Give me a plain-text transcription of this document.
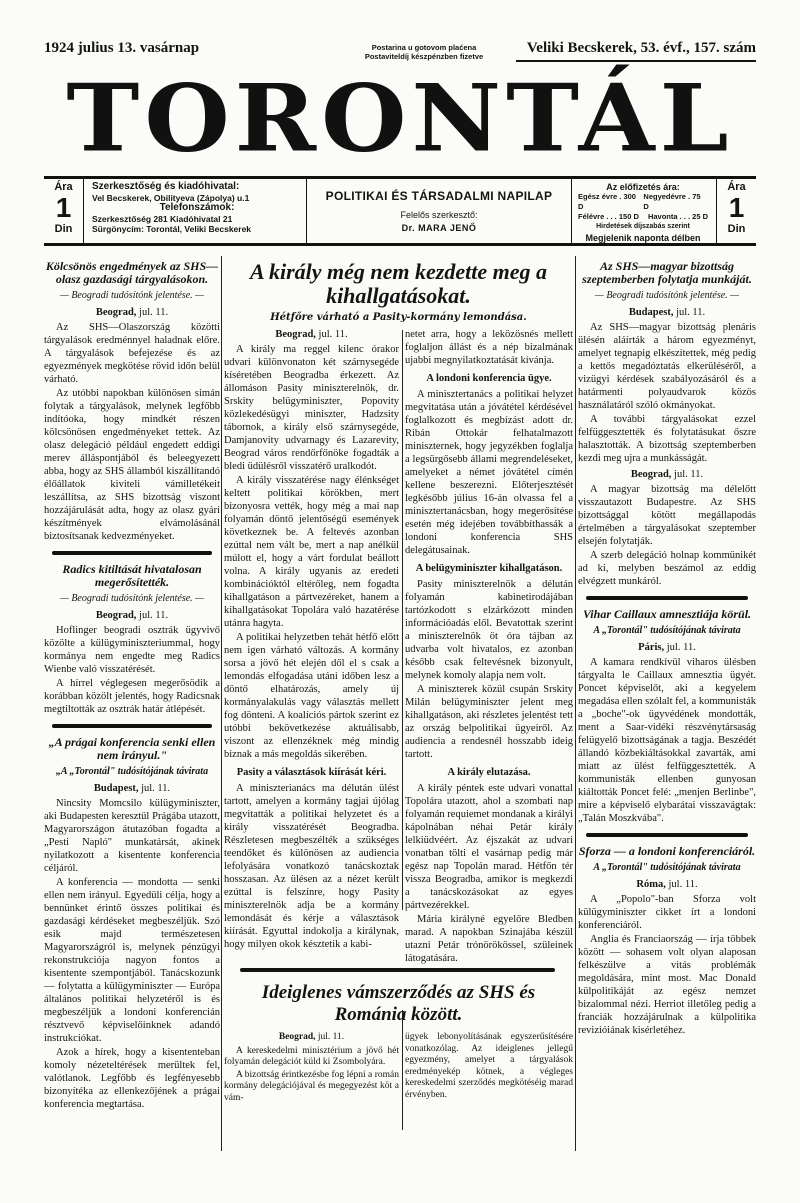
1924 julius 13. vasárnap	Postarina u gotovom plaćena
Postaviteldíj készpénzben fizetve
Veliki Becskerek, 53. évf., 157. szám
TORONTÁL
Ára
1
Din
Szerkesztőség és kiadóhivatal:
Vel Becskerek, Obilityeva (Zápolya) u.1
Telefonszámok:
Szerkesztőség 281 Kiadóhivatal 21
Sürgönycím: Torontál, Veliki Becskerek
POLITIKAI ÉS TÁRSADALMI NAPILAP
Felelős szerkesztő:
Dr. MARA JENŐ
Az előfizetés ára:
Egész évre . 300 D
Negyedévre . 75 D
Félévre . . . 150 D Havonta . . . 25 D
Hirdetések díjszabás szerint
Megjelenik naponta délben
Ára
1
Din
Kölcsönös engedmények az SHS—olasz gazdasági tárgyalásokon.
— Beogradi tudósítónk jelentése. —
Beograd, jul. 11.
Az SHS—Olaszország közötti tárgyalások eredménnyel haladnak előre. A tárgyalások befejezése és az egyezmények megkötése rövid időn belül várható.
Az utóbbi napokban különösen simán folytak a tárgyalások, melynek legfőbb indítóoka, hogy mindkét részen kölcsönösen engedményeket tettek. Az olasz delegáció például engedett eddigi merev álláspontjából és beleegyezett abba, hogy az SHS államból kiszállítandó élőállatok kiviteli vámilletékeit leszállítsa, az SHS bizottság viszont hozzájárulását adta, hogy az olasz gyári készítmények elvámolásánál biztosítsanak kedvezményeket.
Radics kitiltását hivatalosan megerősítették.
— Beogradi tudósítónk jelentése. —
Beograd, jul. 11.
Hoflinger beogradi osztrák ügyvivő közölte a külügyminiszteriummal, hogy kormánya nem engedte meg Radics Wienbe való visszatérését.
A hírrel véglegesen megerősödik a korábban közölt jelentés, hogy Radicsnak megtiltották az osztrák határ átlépését.
„A prágai konferencia senki ellen nem irányul."
„A „Torontál" tudósítójának távirata
Budapest, jul. 11.
Nincsity Momcsilo külügyminiszter, aki Budapesten keresztül Prágába utazott, Magyarországon átutazóban fogadta a „Pesti Napló" munkatársát, akinek nyilatkozott a kisentente konferencia céljáról.
A konferencia — mondotta — senki ellen nem irányul. Egyedüli célja, hogy a bennünket érintő összes politikai és gazdasági kérdéseket megbeszéljük. Szó esik majd természetesen Magyarországról is, melynek pénzügyi rekonstrukciója nagyon fontos a kisentente szempontjából. Tanácskozunk — folytatta a külügyminiszter — Európa általános politikai helyzetéről is és megbeszéljük a londoni konferencián résztvevő képviselőinknek adandó instrukciókat.
Azok a hírek, hogy a kisententeban komoly nézeteltérések merültek fel, valótlanok. Legfőbb és legfényesebb bizonyítéka az ellenkezőjének a prágai konferencia megtartása.
A király még nem kezdette meg a kihallgatásokat.
Hétfőre várható a Pasity-kormány lemondása.
Beograd, jul. 11.
A király ma reggel kilenc órakor udvari különvonaton két szárnysegéde kíséretében Beogradba érkezett. Az állomáson Pasity miniszterelnök, dr. Srskity belügyminiszter, Popovity közlekedésügyi miniszter, Hadzsity tábornok, a király első szárnysegéde, Damjanovity udvarnagy és Lazarevity, Beograd város rendőrfőnöke fogadták a bledi üdülésről visszatérő uralkodót.
A király visszatérése nagy élénkséget keltett politikai körökben, mert bizonyosra vették, hogy még a mai nap folyamán döntő jelentőségű események következnek be. A feltevés azonban ezúttal nem vált be, mert a nap anélkül múlott el, hogy a várt fordulat beállott volna. A király ugyanis az eredeti kombinációktól eltérőleg, nem fogadta kihallgatáson a pártvezéreket, hanem a kihallgatásokat Topolára való hazatérése utánra hagyta.
A politikai helyzetben tehát hétfő előtt nem igen várható változás. A kormány sorsa a jövő hét elején dől el s csak a lemondás elfogadása utáni időben lesz a döntő elhatározás, amely új kormányalakulás vagy választás mellett fog dönteni. A koalíciós pártok szerint ez utóbbi bekövetkezése aktuálisabb, viszont az ellenzéknek még mindig biznak a más megoldás sikerében.
Pasity a választások kiírását kéri.
A miniszterianács ma délután ülést tartott, amelyen a kormány tagjai újólag megvitatták a politikai helyzetet és a király visszatérését Beogradba. Részletesen megbeszélték a szükséges teendőket és különösen az audiencia lefolyására vonatkozó tanácskoztak hosszasan. Az ülésen az a nézet került ezúttal is felszínre, hogy Pasity miniszterelnök adja be a kormány lemondását és kérje a választások kiírását. Egyuttal indokolja a királynak, hogy milyen okok késztetik a kabi-
netet arra, hogy a leközösnés mellett foglaljon állást és a nép bizalmának ujabbi megnyilatkoztatását kívánja.
A londoni konferencia ügye.
A minisztertanács a politikai helyzet megvitatása után a jóvátétel kérdésével foglalkozott és megbízást adott dr. Ribán Ottokár felhatalmazott miniszternek, hogy jegyzékben foglalja a legsürgősebb állami megrendeléseket, amelyeket a német jóvátétel címén kellene beszerezni. Előterjesztését legkésőbb július 16-án olvassa fel a minisztertanácsban, hogy megerősítése esetén még idejében továbbíthassák a londoni konferencia SHS delegátusainak.
A belügyminiszter kihallgatáson.
Pasity miniszterelnök a délután folyamán kabinetirodájában tartózkodott s elzárkózott minden információadás elől. Bevatottak szerint a miniszterelnök öt óra tájban az udvarba volt hivatalos, ez azonban később csak feltevésnek bizonyult, melynek komoly alapja nem volt.
A miniszterek közül csupán Srskity Milán belügyminiszter jelent meg kihallgatáson, aki részletes jelentést tett az ország belpolitikai ügyeiről. Az audiencia a rendesnél hosszabb ideig tartott.
A király elutazása.
A király péntek este udvari vonattal Topolára utazott, ahol a szombati nap folyamán requiemet mondanak a királyi kápolnában néhai Petár király lelkiüdvéért. Az éjszakát az udvari vonatban tölti el vasárnap pedig már egész nap Topolán marad. Hétfőn tér vissza Beogradba, amikor is megkezdi a tanácskozásokat az egyes pártvezérekkel.
Mária királyné egyelőre Bledben marad. A napokban Szinajába készül utazni Petár trónörökössel, szüleinek látogatására.
Ideiglenes vámszerződés az SHS és Románia között.
Beograd, jul. 11.
A kereskedelmi minisztérium a jövő hét folyamán delegációt küld ki Zsombolyára.
A bizottság érintkezésbe fog lépni a román kormány delegációjával és megegyezést köt a vám-
ügyek lebonyolításának egyszerűsítésére vonatkozólag. Az ideiglenes jellegű egyezmény, amelyet a tárgyalások eredményekép kötnek, a végleges kereskedelmi szerződés megkötéséig marad érvényben.
Az SHS—magyar bizottság szeptemberben folytatja munkáját.
— Beogradi tudósítónk jelentése. —
Budapest, jul. 11.
Az SHS—magyar bizottság plenáris ülésén aláírták a három egyezményt, amelyet tegnapig elkészítettek, még pedig a kettős megadóztatás elkerüléséről, a vizügyi kérdések szabályozásáról és a határmenti polyaudvarok közös használatáról szóló okmányokat.
A további tárgyalásokat ezzel felfüggesztették és folytatásukat őszre halasztották. A bizottság szeptemberben kezdi meg ujra a munkásságát.
Beograd, jul. 11.
A magyar bizottság ma délelőtt visszautazott Budapestre. Az SHS bizottsággal kötött megállapodás értelmében a tárgyalásokat szeptember elsején folytatják.
A szerb delegáció holnap kommünikét ad ki, melyben beszámol az eddig elvégzett munkáról.
Vihar Caillaux amnesztiája körül.
A „Torontál" tudósítójának távirata
Páris, jul. 11.
A kamara rendkívül viharos ülésben tárgyalta le Caillaux amnesztia ügyét. Poncet képviselőt, aki a kegyelem megadása ellen szólalt fel, a kommunisták a „boche"-ok ügyvédének mondották, ment a Saar-vidéki részvénytársaság felügyelő bizottságának a tagja. Beszédét állandó közbekiáltásokkal zavarták, ami miatt az ülést felfüggesztették. A kommunisták ellenben gunyosan kiáltották Poncet felé: „menjen Berlinbe", mire a képviselő elybarátai visszavágtak: „Talán Moszkvába".
Sforza — a londoni konferenciáról.
A „Torontál" tudósítójának távirata
Róma, jul. 11.
A „Popolo"-ban Sforza volt külügyminiszter cikket írt a londoni konferenciáról.
Anglia és Franciaország — írja többek között — sohasem volt olyan alaposan felkészülve a vitás problémák megoldására, mint most. Mac Donald külpolitikáját az egész nemzet bizalommal nézi. Herriot illetőleg pedig a franciák hozzájárulnak a külpolitika revizióiának kisérletéhez.
